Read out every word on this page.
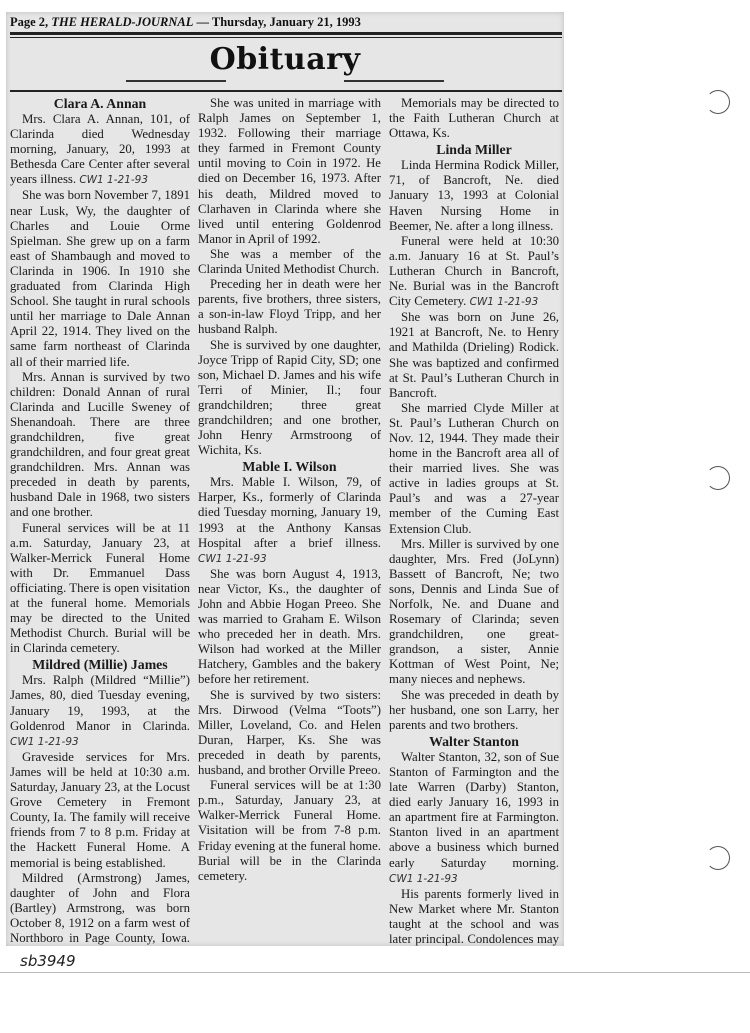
Page 2, THE HERALD-JOURNAL — Thursday, January 21, 1993
Obituary
Clara A. Annan

Mrs. Clara A. Annan, 101, of Clarinda died Wednesday morning, January, 20, 1993 at Bethesda Care Center after several years illness. CW1 1-21-93

She was born November 7, 1891 near Lusk, Wy, the daughter of Charles and Louie Orme Spielman. She grew up on a farm east of Shambaugh and moved to Clarinda in 1906. In 1910 she graduated from Clarinda High School. She taught in rural schools until her marriage to Dale Annan April 22, 1914. They lived on the same farm northeast of Clarinda all of their married life.

Mrs. Annan is survived by two children: Donald Annan of rural Clarinda and Lucille Sweney of Shenandoah. There are three grandchildren, five great grandchildren, and four great great grandchildren. Mrs. Annan was preceded in death by parents, husband Dale in 1968, two sisters and one brother.

Funeral services will be at 11 a.m. Saturday, January 23, at Walker-Merrick Funeral Home with Dr. Emmanuel Dass officiating. There is open visitation at the funeral home. Memorials may be directed to the United Methodist Church. Burial will be in Clarinda cemetery.

Mildred (Millie) James

Mrs. Ralph (Mildred “Millie”) James, 80, died Tuesday evening, January 19, 1993, at the Goldenrod Manor in Clarinda. CW1 1-21-93

Graveside services for Mrs. James will be held at 10:30 a.m. Saturday, January 23, at the Locust Grove Cemetery in Fremont County, Ia. The family will receive friends from 7 to 8 p.m. Friday at the Hackett Funeral Home. A memorial is being established.

Mildred (Armstrong) James, daughter of John and Flora (Bartley) Armstrong, was born October 8, 1912 on a farm west of Northboro in Page County, Iowa.

She was united in marriage with Ralph James on September 1, 1932. Following their marriage they farmed in Fremont County until moving to Coin in 1972. He died on December 16, 1973. After his death, Mildred moved to Clarhaven in Clarinda where she lived until entering Goldenrod Manor in April of 1992.

She was a member of the Clarinda United Methodist Church.

Preceding her in death were her parents, five brothers, three sisters, a son-in-law Floyd Tripp, and her husband Ralph.

She is survived by one daughter, Joyce Tripp of Rapid City, SD; one son, Michael D. James and his wife Terri of Minier, Il.; four grandchildren; three great grandchildren; and one brother, John Henry Armstroong of Wichita, Ks.

Mable I. Wilson

Mrs. Mable I. Wilson, 79, of Harper, Ks., formerly of Clarinda died Tuesday morning, January 19, 1993 at the Anthony Kansas Hospital after a brief illness. CW1 1-21-93

She was born August 4, 1913, near Victor, Ks., the daughter of John and Abbie Hogan Preeo. She was married to Graham E. Wilson who preceded her in death. Mrs. Wilson had worked at the Miller Hatchery, Gambles and the bakery before her retirement.

She is survived by two sisters: Mrs. Dirwood (Velma “Toots”) Miller, Loveland, Co. and Helen Duran, Harper, Ks. She was preceded in death by parents, husband, and brother Orville Preeo.

Funeral services will be at 1:30 p.m., Saturday, January 23, at Walker-Merrick Funeral Home. Visitation will be from 7-8 p.m. Friday evening at the funeral home. Burial will be in the Clarinda cemetery.

Memorials may be directed to the Faith Lutheran Church at Ottawa, Ks.

Linda Miller

Linda Hermina Rodick Miller, 71, of Bancroft, Ne. died January 13, 1993 at Colonial Haven Nursing Home in Beemer, Ne. after a long illness.

Funeral were held at 10:30 a.m. January 16 at St. Paul’s Lutheran Church in Bancroft, Ne. Burial was in the Bancroft City Cemetery. CW1 1-21-93

She was born on June 26, 1921 at Bancroft, Ne. to Henry and Mathilda (Drieling) Rodick. She was baptized and confirmed at St. Paul’s Lutheran Church in Bancroft.

She married Clyde Miller at St. Paul’s Lutheran Church on Nov. 12, 1944. They made their home in the Bancroft area all of their married lives. She was active in ladies groups at St. Paul’s and was a 27-year member of the Cuming East Extension Club.

Mrs. Miller is survived by one daughter, Mrs. Fred (JoLynn) Bassett of Bancroft, Ne; two sons, Dennis and Linda Sue of Norfolk, Ne. and Duane and Rosemary of Clarinda; seven grandchildren, one great-grandson, a sister, Annie Kottman of West Point, Ne; many nieces and nephews.

She was preceded in death by her husband, one son Larry, her parents and two brothers.

Walter Stanton

Walter Stanton, 32, son of Sue Stanton of Farmington and the late Warren (Darby) Stanton, died early January 16, 1993 in an apartment fire at Farmington. Stanton lived in an apartment above a business which burned early Saturday morning. CW1 1-21-93

His parents formerly lived in New Market where Mr. Stanton taught at the school and was later principal. Condolences may

sb3949
